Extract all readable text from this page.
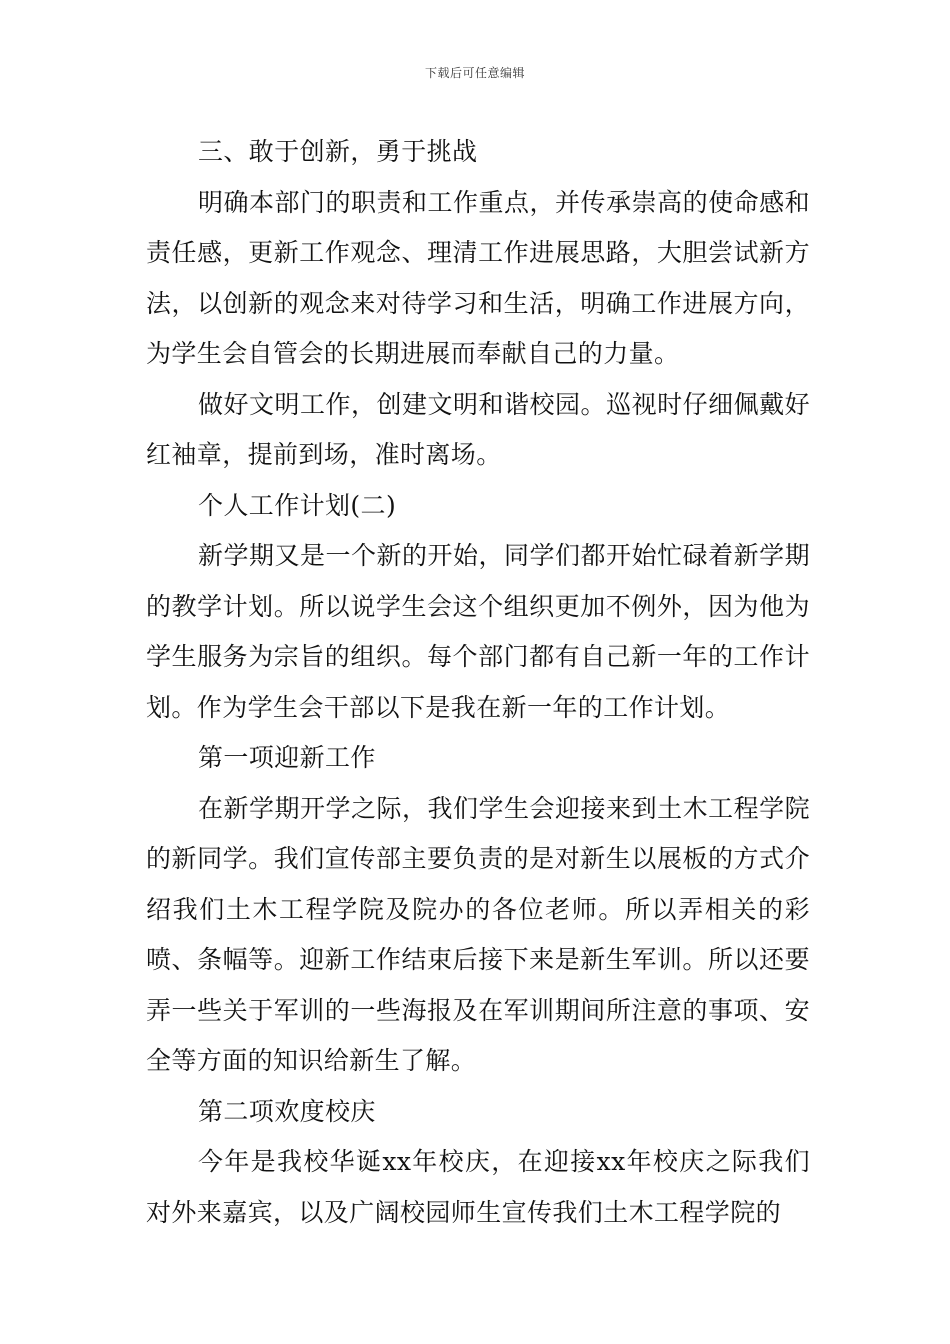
下载后可任意编辑

三、敢于创新，勇于挑战

明确本部门的职责和工作重点，并传承崇高的使命感和责任感，更新工作观念、理清工作进展思路，大胆尝试新方法，以创新的观念来对待学习和生活，明确工作进展方向，为学生会自管会的长期进展而奉献自己的力量。

做好文明工作，创建文明和谐校园。巡视时仔细佩戴好红袖章，提前到场，准时离场。

个人工作计划(二)

新学期又是一个新的开始，同学们都开始忙碌着新学期的教学计划。所以说学生会这个组织更加不例外，因为他为学生服务为宗旨的组织。每个部门都有自己新一年的工作计划。作为学生会干部以下是我在新一年的工作计划。

第一项迎新工作

在新学期开学之际，我们学生会迎接来到土木工程学院的新同学。我们宣传部主要负责的是对新生以展板的方式介绍我们土木工程学院及院办的各位老师。所以弄相关的彩喷、条幅等。迎新工作结束后接下来是新生军训。所以还要弄一些关于军训的一些海报及在军训期间所注意的事项、安全等方面的知识给新生了解。

第二项欢度校庆

今年是我校华诞xx年校庆，在迎接xx年校庆之际我们对外来嘉宾，以及广阔校园师生宣传我们土木工程学院的
